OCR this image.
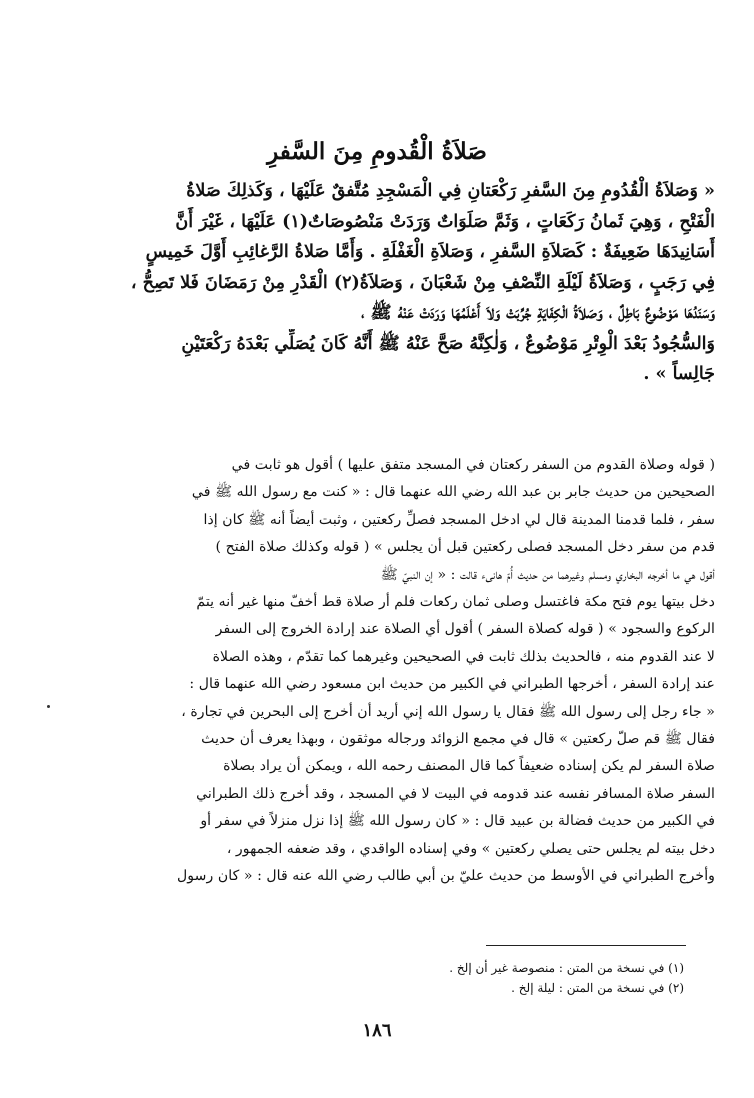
صَلاَةُ الْقُدومِ مِنَ السَّفرِ
« وَصَلاَةُ الْقُدُومِ مِنَ السَّفرِ رَكْعَتانِ فِي الْمَسْجِدِ مُتَّفقٌ عَلَيْهَا ، وَكَذلِكَ صَلاةُ
الْفَتْحِ ، وَهِيَ ثَمانُ رَكَعَاتٍ ، وَثَمَّ صَلَوَاتٌ وَرَدَتْ مَنْصُوصَاتٌ(١) عَلَيْهَا ، غَيْرَ أَنَّ
أَسَانِيدَهَا ضَعِيفَةٌ : كَصَلاَةِ السَّفرِ ، وَصَلاَةِ الْغَفْلَةِ . وَأَمَّا صَلاةُ الرَّغائِبِ أَوَّلَ خَمِيسٍ
فِي رَجَبٍ ، وَصَلاَةُ لَيْلَةِ النِّصْفِ مِنْ شَعْبَانَ ، وَصَلاَةُ(٢) الْقَدْرِ مِنْ رَمَضَانَ فَلا تَصِحُّ ،
وَسَنَدُهَا مَوْضُوعٌ بَاطِلٌ ، وَصَلاَةُ الْكِفَايَةِ جُرِّبَتْ وَلاَ أَعْلَمُهَا وَرَدَتْ عَنْهُ ﷺ ،
وَالسُّجُودُ بَعْدَ الْوِتْرِ مَوْضُوعٌ ، وَلٰكِنَّهُ صَحَّ عَنْهُ ﷺ أَنَّهُ كَانَ يُصَلِّي بَعْدَهُ رَكْعَتَيْنِ
جَالِساً » .
( قوله وصلاة القدوم من السفر ركعتان في المسجد متفق عليها ) أقول هو ثابت في
الصحيحين من حديث جابر بن عبد الله رضي الله عنهما قال : « كنت مع رسول الله ﷺ في
سفر ، فلما قدمنا المدينة قال لي ادخل المسجد فصلِّ ركعتين ، وثبت أيضاً أنه ﷺ كان إذا
قدم من سفر دخل المسجد فصلى ركعتين قبل أن يجلس » ( قوله وكذلك صلاة الفتح )
أقول هي ما أخرجه البخاري ومسلم وغيرهما من حديث أُمّ هانىء قالت : « إن النبيّ ﷺ
دخل بيتها يوم فتح مكة فاغتسل وصلى ثمان ركعات فلم أر صلاة قط أخفّ منها غير أنه يتمّ
الركوع والسجود » ( قوله كصلاة السفر ) أقول أي الصلاة عند إرادة الخروج إلى السفر
لا عند القدوم منه ، فالحديث بذلك ثابت في الصحيحين وغيرهما كما تقدّم ، وهذه الصلاة
عند إرادة السفر ، أخرجها الطبراني في الكبير من حديث ابن مسعود رضي الله عنهما قال :
« جاء رجل إلى رسول الله ﷺ فقال يا رسول الله إني أريد أن أخرج إلى البحرين في تجارة ،
فقال ﷺ قم صلّ ركعتين » قال في مجمع الزوائد ورجاله موثقون ، وبهذا يعرف أن حديث
صلاة السفر لم يكن إسناده ضعيفاً كما قال المصنف رحمه الله ، ويمكن أن يراد بصلاة
السفر صلاة المسافر نفسه عند قدومه في البيت لا في المسجد ، وقد أخرج ذلك الطبراني
في الكبير من حديث فضالة بن عبيد قال : « كان رسول الله ﷺ إذا نزل منزلاً في سفر أو
دخل بيته لم يجلس حتى يصلي ركعتين » وفي إسناده الواقدي ، وقد ضعفه الجمهور ،
وأخرج الطبراني في الأوسط من حديث عليّ بن أبي طالب رضي الله عنه قال : « كان رسول
(١) في نسخة من المتن : منصوصة غير أن إلخ .
(٢) في نسخة من المتن : ليلة إلخ .
١٨٦
